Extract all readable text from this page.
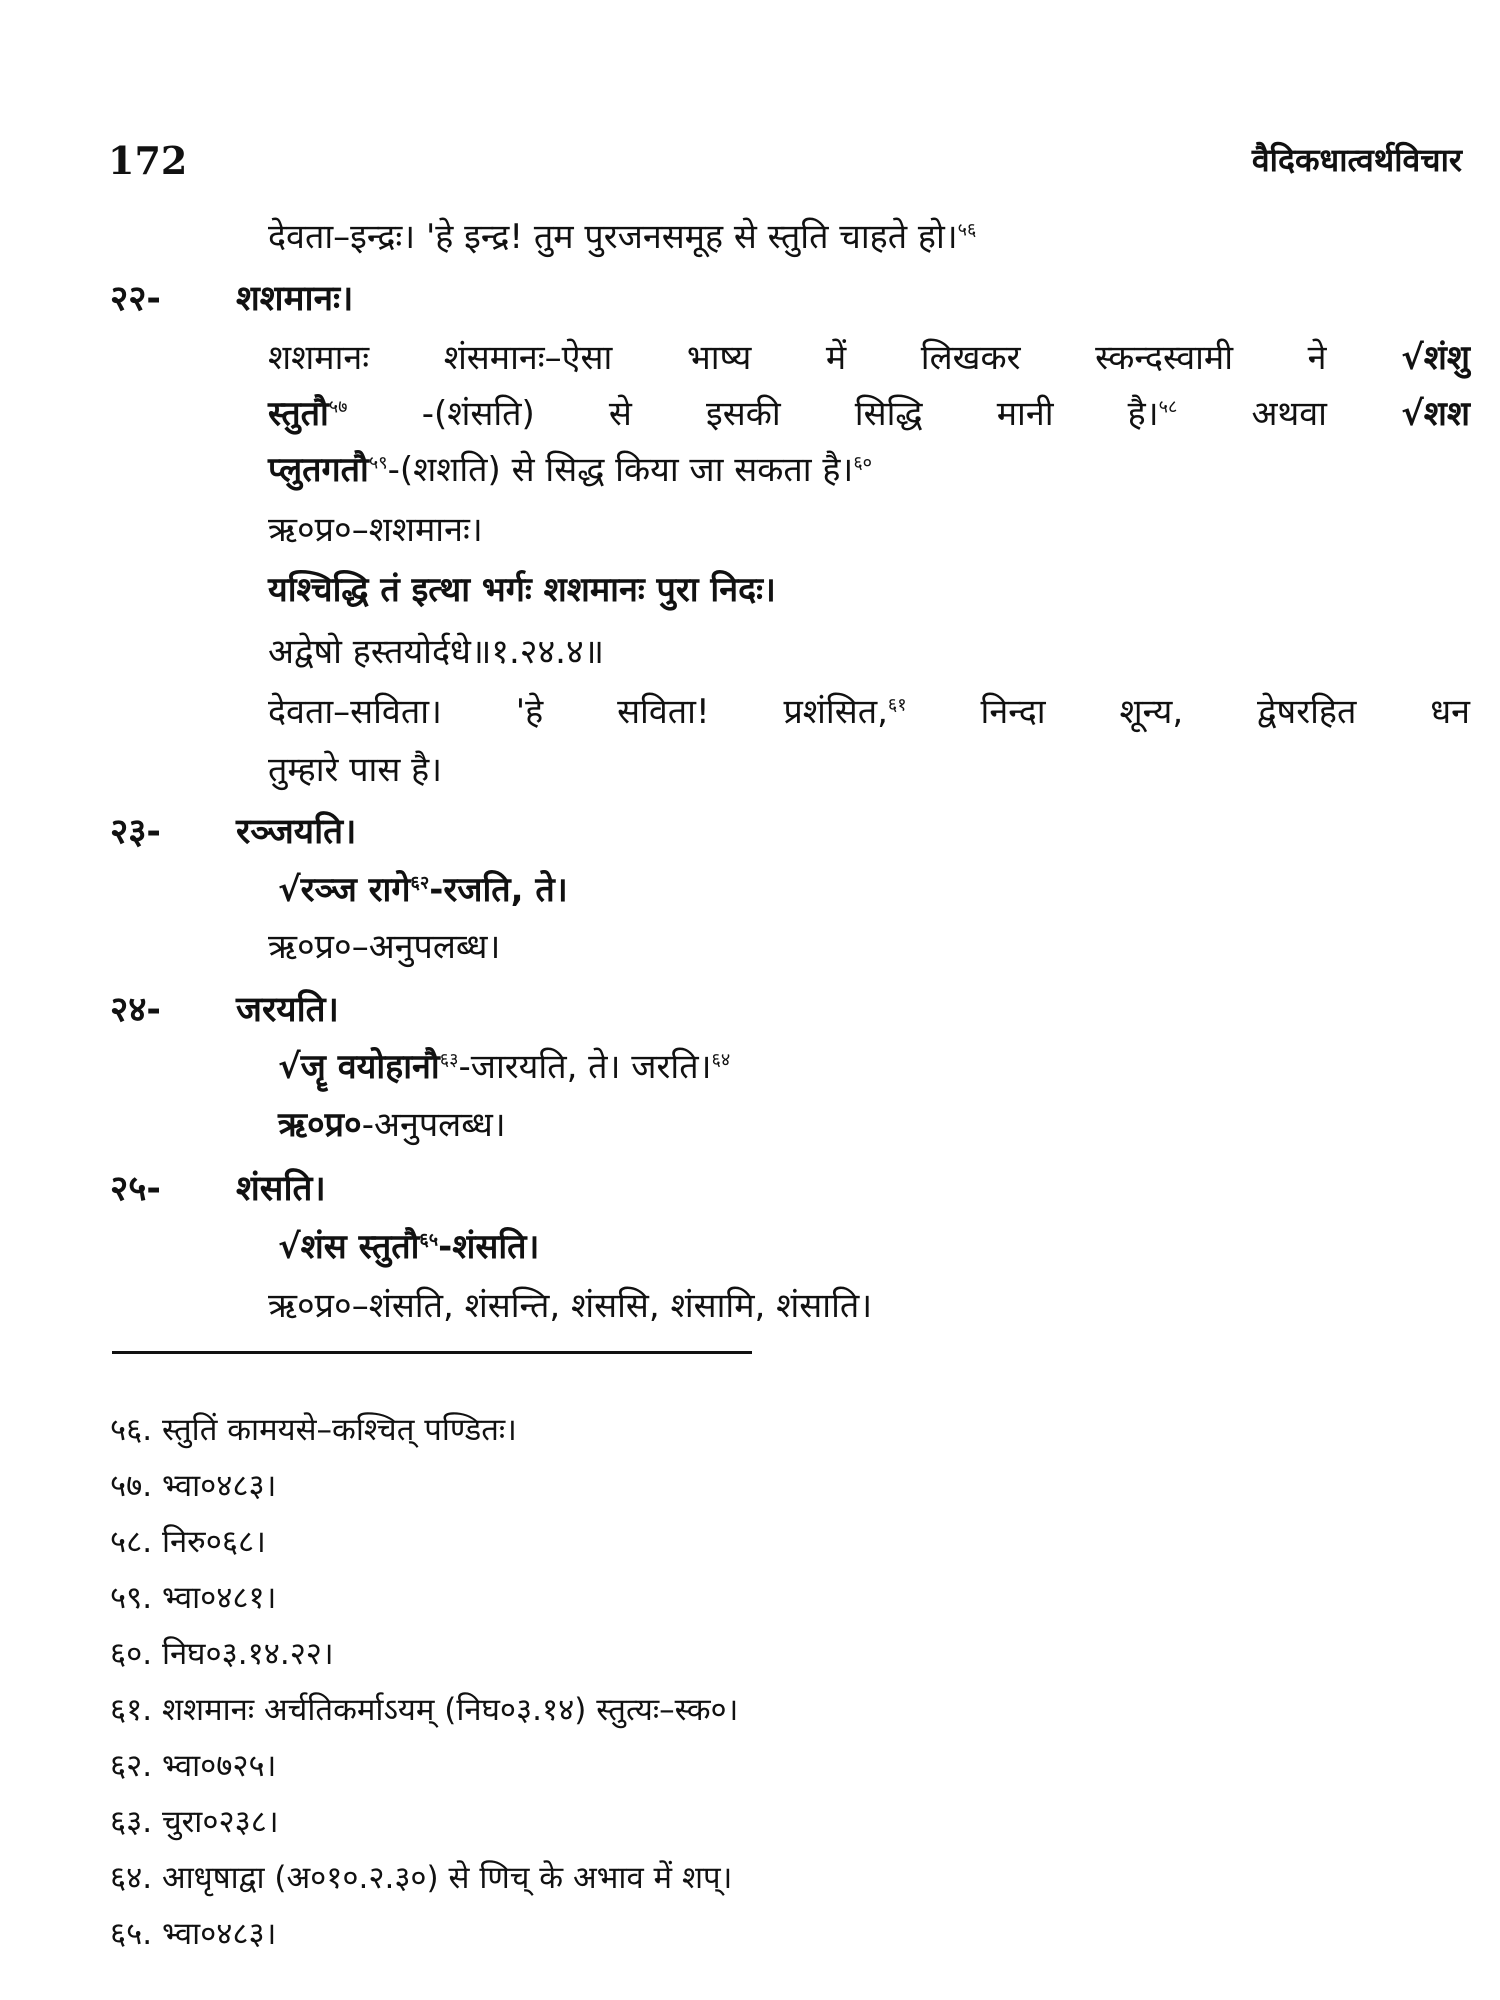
172	वैदिकधात्वर्थविचार
देवता–इन्द्रः। 'हे इन्द्र! तुम पुरजनसमूह से स्तुति चाहते हो।$^{५६}$
२२- शशमानः।
शशमानः शंसमानः–ऐसा भाष्य में लिखकर स्कन्दस्वामी ने √शंशु
स्तुतौ$^{५७}$ -(शंसति) से इसकी सिद्धि मानी है।$^{५८}$ अथवा √शश
प्लुतगतौ$^{५९}$-(शशति) से सिद्ध किया जा सकता है।$^{६०}$
ऋ०प्र०–शशमानः।
यश्चिद्धि तं इत्था भर्गः शशमानः पुरा निदः।
अद्वेषो हस्तयोर्दधे॥१.२४.४॥
देवता–सविता। 'हे सविता! प्रशंसित,$^{६१}$ निन्दा शून्य, द्वेषरहित धन
तुम्हारे पास है।
२३- रञ्जयति।
√रञ्ज रागे$^{६२}$-रजति, ते।
ऋ०प्र०–अनुपलब्ध।
२४- जरयति।
√जॄ वयोहानौ$^{६३}$-जारयति, ते। जरति।$^{६४}$
ऋ०प्र०-अनुपलब्ध।
२५- शंसति।
√शंस स्तुतौ$^{६५}$-शंसति।
ऋ०प्र०–शंसति, शंसन्ति, शंससि, शंसामि, शंसाति।
५६. स्तुतिं कामयसे–कश्चित् पण्डितः।
५७. भ्वा०४८३।
५८. निरु०६८।
५९. भ्वा०४८१।
६०. निघ०३.१४.२२।
६१. शशमानः अर्चतिकर्माऽयम् (निघ०३.१४) स्तुत्यः–स्क०।
६२. भ्वा०७२५।
६३. चुरा०२३८।
६४. आधृषाद्वा (अ०१०.२.३०) से णिच् के अभाव में शप्।
६५. भ्वा०४८३।
